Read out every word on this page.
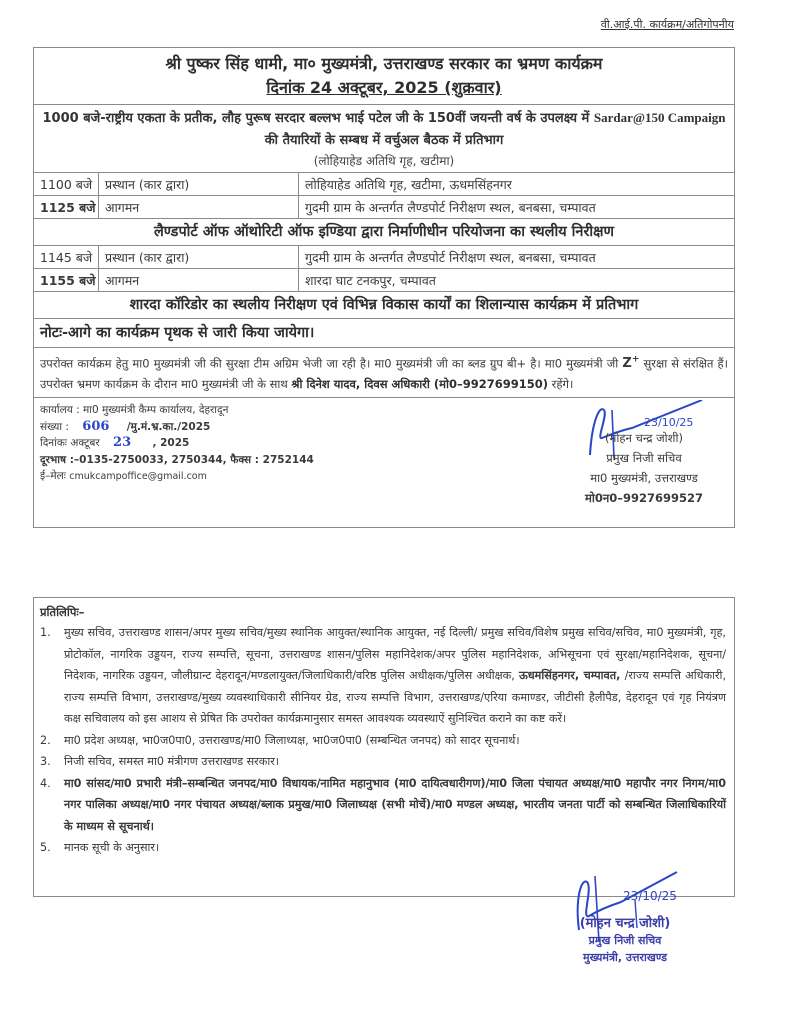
वी.आई.पी. कार्यक्रम/अतिगोपनीय
श्री पुष्कर सिंह धामी, मा० मुख्यमंत्री, उत्तराखण्ड सरकार का भ्रमण कार्यक्रम
दिनांक 24 अक्टूबर, 2025 (शुक्रवार)
1000 बजे-राष्ट्रीय एकता के प्रतीक, लौह पुरूष सरदार बल्लभ भाई पटेल जी के 150वीं जयन्ती वर्ष के उपलक्ष्य में Sardar@150 Campaign की तैयारियों के सम्बध में वर्चुअल बैठक में प्रतिभाग
(लोहियाहेड अतिथि गृह, खटीमा)
1100 बजे	प्रस्थान (कार द्वारा)	लोहियाहेड अतिथि गृह, खटीमा, ऊधमसिंहनगर
1125 बजे आगमन	गुदमी ग्राम के अन्तर्गत लैण्डपोर्ट निरीक्षण स्थल, बनबसा, चम्पावत
लैण्डपोर्ट ऑफ ऑथोरिटी ऑफ इण्डिया द्वारा निर्माणीधीन परियोजना का स्थलीय निरीक्षण
1145 बजे	प्रस्थान (कार द्वारा)	गुदमी ग्राम के अन्तर्गत लैण्डपोर्ट निरीक्षण स्थल, बनबसा, चम्पावत
1155 बजे आगमन	शारदा घाट टनकपुर, चम्पावत
शारदा कॉरिडोर का स्थलीय निरीक्षण एवं विभिन्न विकास कार्यों का शिलान्यास कार्यक्रम में प्रतिभाग
नोटः-आगे का कार्यक्रम पृथक से जारी किया जायेगा।
उपरोक्त कार्यक्रम हेतु मा0 मुख्यमंत्री जी की सुरक्षा टीम अग्रिम भेजी जा रही है। मा0 मुख्यमंत्री जी का ब्लड ग्रुप बी+ है। मा0 मुख्यमंत्री जी Z+ सुरक्षा से संरक्षित हैं। उपरोक्त भ्रमण कार्यक्रम के दौरान मा0 मुख्यमंत्री जी के साथ श्री दिनेश यादव, दिवस अधिकारी (मो0–9927699150) रहेंगे।
कार्यालय : मा0 मुख्यमंत्री कैम्प कार्यालय, देहरादून
संख्या : 606 /मु.मं.भ्र.का./2025
दिनांकः अक्टूबर 23 , 2025
दूरभाष :–0135-2750033, 2750344, फैक्स : 2752144
ई–मेलः cmukcampoffice@gmail.com
23/10/25
(मोहन चन्द्र जोशी)
प्रमुख निजी सचिव
मा0 मुख्यमंत्री, उत्तराखण्ड
मो0न0–9927699527
प्रतिलिपिः–
1.	मुख्य सचिव, उत्तराखण्ड शासन/अपर मुख्य सचिव/मुख्य स्थानिक आयुक्त/स्थानिक आयुक्त, नई दिल्ली/ प्रमुख सचिव/विशेष प्रमुख सचिव/सचिव, मा0 मुख्यमंत्री, गृह, प्रोटोकॉल, नागरिक उड्डयन, राज्य सम्पत्ति, सूचना, उत्तराखण्ड शासन/पुलिस महानिदेशक/अपर पुलिस महानिदेशक, अभिसूचना एवं सुरक्षा/महानिदेशक, सूचना/ निदेशक, नागरिक उड्डयन, जौलीग्रान्ट देहरादून/मण्डलायुक्त/जिलाधिकारी/वरिष्ठ पुलिस अधीक्षक/पुलिस अधीक्षक, ऊधमसिंहनगर, चम्पावत, /राज्य सम्पत्ति अधिकारी, राज्य सम्पत्ति विभाग, उत्तराखण्ड/मुख्य व्यवस्थाधिकारी सीनियर ग्रेड, राज्य सम्पत्ति विभाग, उत्तराखण्ड/एरिया कमाण्डर, जीटीसी हैलीपैड, देहरादून एवं गृह नियंत्रण कक्ष सचिवालय को इस आशय से प्रेषित कि उपरोक्त कार्यक्रमानुसार समस्त आवश्यक व्यवस्थाऐं सुनिश्चित कराने का कष्ट करें।
2.	मा0 प्रदेश अध्यक्ष, भा0ज0पा0, उत्तराखण्ड/मा0 जिलाध्यक्ष, भा0ज0पा0 (सम्बन्धित जनपद) को सादर सूचनार्थ।
3.	निजी सचिव, समस्त मा0 मंत्रीगण उत्तराखण्ड सरकार।
4.	मा0 सांसद/मा0 प्रभारी मंत्री–सम्बन्धित जनपद/मा0 विधायक/नामित महानुभाव (मा0 दायित्वधारीगण)/मा0 जिला पंचायत अध्यक्ष/मा0 महापौर नगर निगम/मा0 नगर पालिका अध्यक्ष/मा0 नगर पंचायत अध्यक्ष/ब्लाक प्रमुख/मा0 जिलाध्यक्ष (सभी मोर्चे)/मा0 मण्डल अध्यक्ष, भारतीय जनता पार्टी को सम्बन्धित जिलाधिकारियों के माध्यम से सूचनार्थ।
5.	मानक सूची के अनुसार।
23/10/25
(मोहन चन्द्र जोशी)
प्रमुख निजी सचिव
मुख्यमंत्री, उत्तराखण्ड
